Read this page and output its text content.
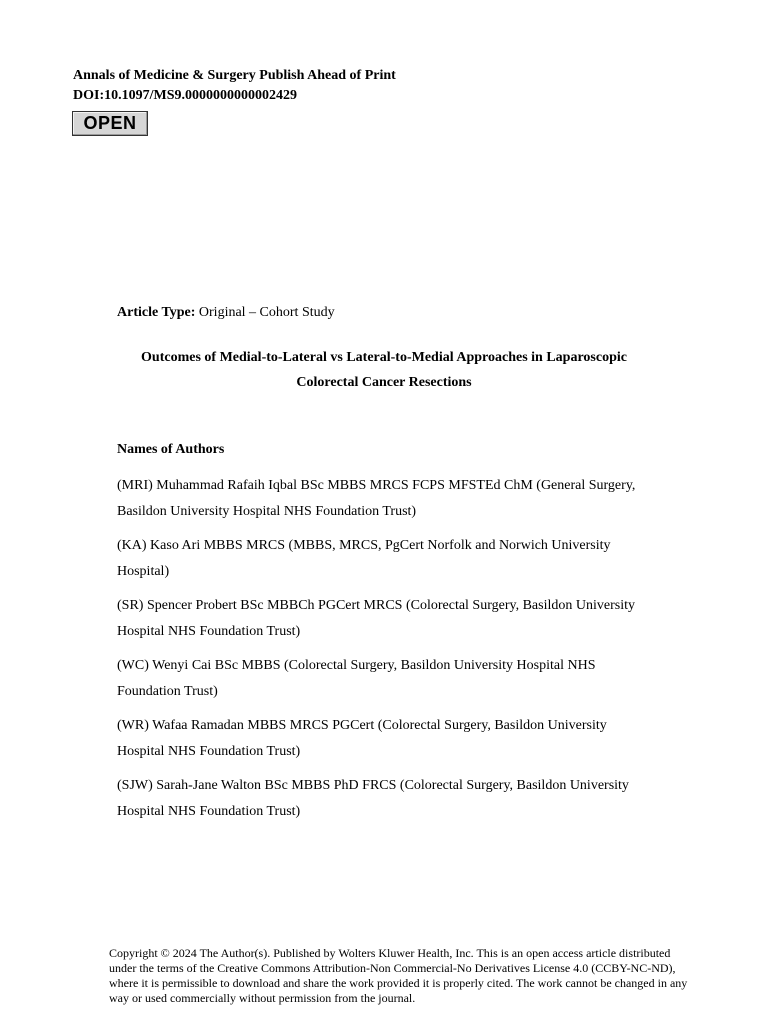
Annals of Medicine & Surgery Publish Ahead of Print
DOI:10.1097/MS9.0000000000002429
OPEN
Article Type: Original – Cohort Study
Outcomes of Medial-to-Lateral vs Lateral-to-Medial Approaches in Laparoscopic
Colorectal Cancer Resections
Names of Authors
(MRI) Muhammad Rafaih Iqbal BSc MBBS MRCS FCPS MFSTEd ChM (General Surgery,
Basildon University Hospital NHS Foundation Trust)
(KA) Kaso Ari MBBS MRCS (MBBS, MRCS, PgCert Norfolk and Norwich University
Hospital)
(SR) Spencer Probert BSc MBBCh PGCert MRCS (Colorectal Surgery, Basildon University
Hospital NHS Foundation Trust)
(WC) Wenyi Cai BSc MBBS (Colorectal Surgery, Basildon University Hospital NHS
Foundation Trust)
(WR) Wafaa Ramadan MBBS MRCS PGCert (Colorectal Surgery, Basildon University
Hospital NHS Foundation Trust)
(SJW) Sarah-Jane Walton BSc MBBS PhD FRCS (Colorectal Surgery, Basildon University
Hospital NHS Foundation Trust)
Copyright © 2024 The Author(s). Published by Wolters Kluwer Health, Inc. This is an open access article distributed
under the terms of the Creative Commons Attribution-Non Commercial-No Derivatives License 4.0 (CCBY-NC-ND),
where it is permissible to download and share the work provided it is properly cited. The work cannot be changed in any
way or used commercially without permission from the journal.
